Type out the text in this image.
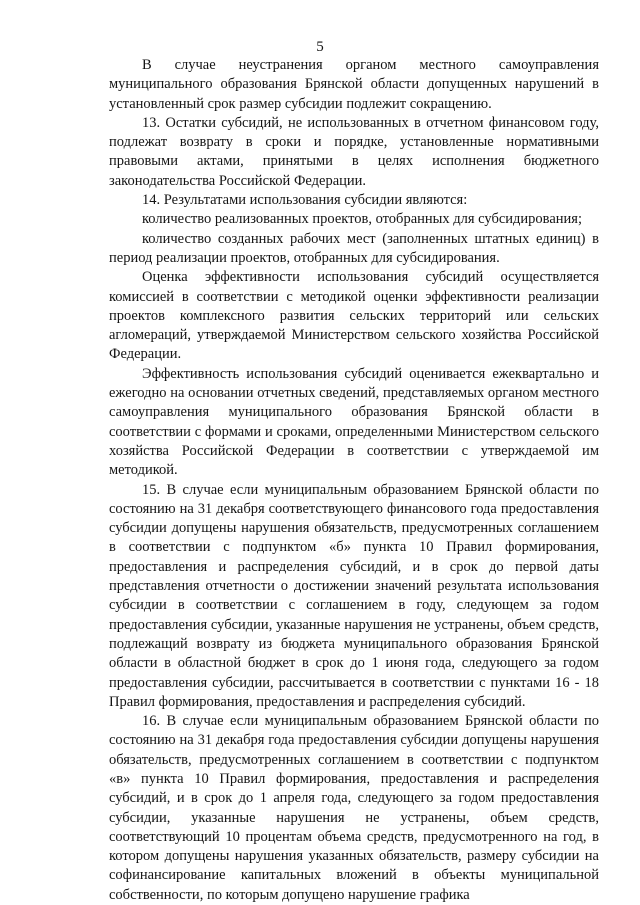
5

В случае неустранения органом местного самоуправления муниципального образования Брянской области допущенных нарушений в установленный срок размер субсидии подлежит сокращению.

13. Остатки субсидий, не использованных в отчетном финансовом году, подлежат возврату в сроки и порядке, установленные нормативными правовыми актами, принятыми в целях исполнения бюджетного законодательства Российской Федерации.

14. Результатами использования субсидии являются:

количество реализованных проектов, отобранных для субсидирования;

количество созданных рабочих мест (заполненных штатных единиц) в период реализации проектов, отобранных для субсидирования.

Оценка эффективности использования субсидий осуществляется комиссией в соответствии с методикой оценки эффективности реализации проектов комплексного развития сельских территорий или сельских агломераций, утверждаемой Министерством сельского хозяйства Российской Федерации.

Эффективность использования субсидий оценивается ежеквартально и ежегодно на основании отчетных сведений, представляемых органом местного самоуправления муниципального образования Брянской области в соответствии с формами и сроками, определенными Министерством сельского хозяйства Российской Федерации в соответствии с утверждаемой им методикой.

15. В случае если муниципальным образованием Брянской области по состоянию на 31 декабря соответствующего финансового года предоставления субсидии допущены нарушения обязательств, предусмотренных соглашением в соответствии с подпунктом «б» пункта 10 Правил формирования, предоставления и распределения субсидий, и в срок до первой даты представления отчетности о достижении значений результата использования субсидии в соответствии с соглашением в году, следующем за годом предоставления субсидии, указанные нарушения не устранены, объем средств, подлежащий возврату из бюджета муниципального образования Брянской области в областной бюджет в срок до 1 июня года, следующего за годом предоставления субсидии, рассчитывается в соответствии с пунктами 16 - 18 Правил формирования, предоставления и распределения субсидий.

16. В случае если муниципальным образованием Брянской области по состоянию на 31 декабря года предоставления субсидии допущены нарушения обязательств, предусмотренных соглашением в соответствии с подпунктом «в» пункта 10 Правил формирования, предоставления и распределения субсидий, и в срок до 1 апреля года, следующего за годом предоставления субсидии, указанные нарушения не устранены, объем средств, соответствующий 10 процентам объема средств, предусмотренного на год, в котором допущены нарушения указанных обязательств, размеру субсидии на софинансирование капитальных вложений в объекты муниципальной собственности, по которым допущено нарушение графика
